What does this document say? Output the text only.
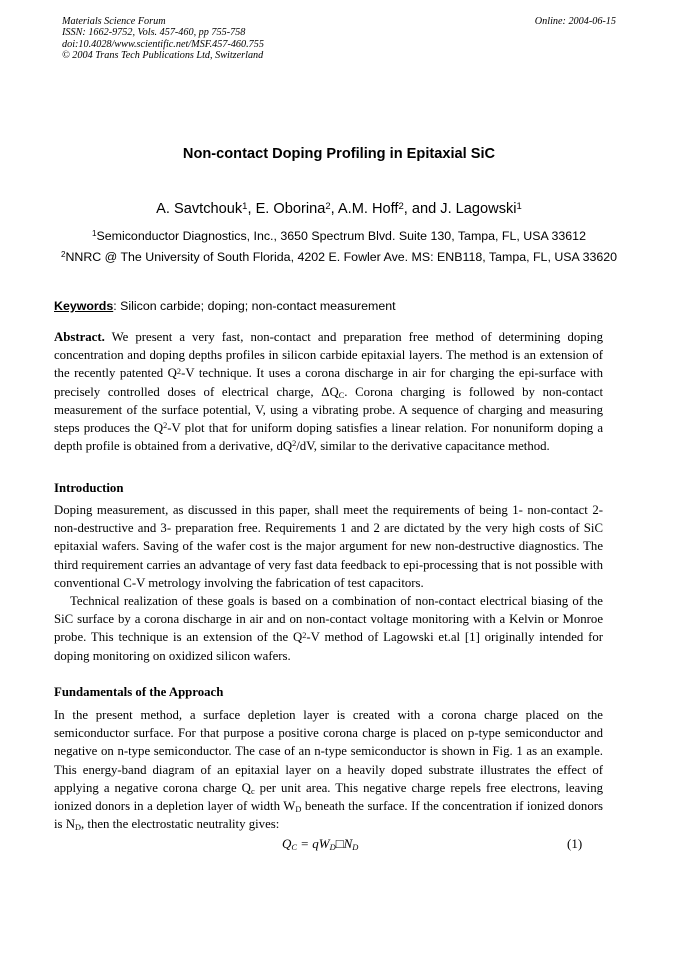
Materials Science Forum
ISSN: 1662-9752, Vols. 457-460, pp 755-758
doi:10.4028/www.scientific.net/MSF.457-460.755
© 2004 Trans Tech Publications Ltd, Switzerland
Online: 2004-06-15
Non-contact Doping Profiling in Epitaxial SiC
A. Savtchouk$^1$, E. Oborina$^2$, A.M. Hoff$^2$, and J. Lagowski$^1$
$^1$Semiconductor Diagnostics, Inc., 3650 Spectrum Blvd. Suite 130, Tampa, FL, USA 33612
$^2$NNRC @ The University of South Florida, 4202 E. Fowler Ave. MS: ENB118, Tampa, FL, USA 33620
Keywords: Silicon carbide; doping; non-contact measurement
Abstract. We present a very fast, non-contact and preparation free method of determining doping concentration and doping depths profiles in silicon carbide epitaxial layers. The method is an extension of the recently patented $Q^2-V$ technique. It uses a corona discharge in air for charging the epi-surface with precisely controlled doses of electrical charge, $\Delta Q_C$. Corona charging is followed by non-contact measurement of the surface potential, V, using a vibrating probe. A sequence of charging and measuring steps produces the $Q^2-V$ plot that for uniform doping satisfies a linear relation. For nonuniform doping a depth profile is obtained from a derivative, $dQ^2/dV$, similar to the derivative capacitance method.
Introduction
Doping measurement, as discussed in this paper, shall meet the requirements of being 1- non-contact 2- non-destructive and 3- preparation free. Requirements 1 and 2 are dictated by the very high costs of SiC epitaxial wafers. Saving of the wafer cost is the major argument for new non-destructive diagnostics. The third requirement carries an advantage of very fast data feedback to epi-processing that is not possible with conventional C-V metrology involving the fabrication of test capacitors.
Technical realization of these goals is based on a combination of non-contact electrical biasing of the SiC surface by a corona discharge in air and on non-contact voltage monitoring with a Kelvin or Monroe probe. This technique is an extension of the $Q^2-V$ method of Lagowski et.al [1] originally intended for doping monitoring on oxidized silicon wafers.
Fundamentals of the Approach
In the present method, a surface depletion layer is created with a corona charge placed on the semiconductor surface. For that purpose a positive corona charge is placed on p-type semiconductor and negative on n-type semiconductor. The case of an n-type semiconductor is shown in Fig. 1 as an example. This energy-band diagram of an epitaxial layer on a heavily doped substrate illustrates the effect of applying a negative corona charge $Q_c$ per unit area. This negative charge repels free electrons, leaving ionized donors in a depletion layer of width $W_D$ beneath the surface. If the concentration if ionized donors is $N_D$, then the electrostatic neutrality gives:
$Q_C$ = $qW_D□N_D$	(1)
